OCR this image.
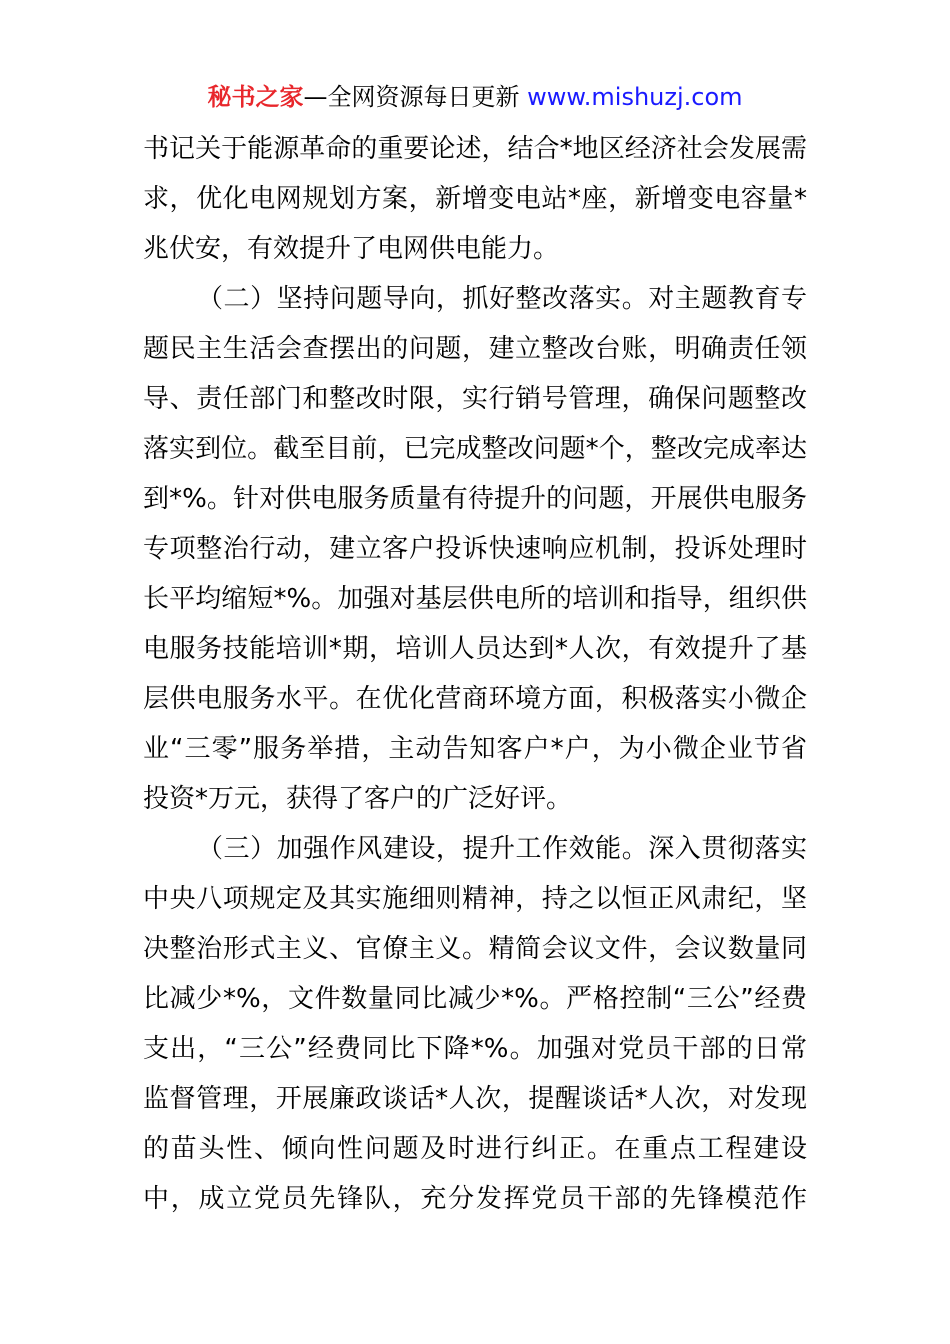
秘书之家—全网资源每日更新 www.mishuzj.com
书记关于能源革命的重要论述，结合*地区经济社会发展需
求，优化电网规划方案，新增变电站*座，新增变电容量*
兆伏安，有效提升了电网供电能力。
（二）坚持问题导向，抓好整改落实。对主题教育专
题民主生活会查摆出的问题，建立整改台账，明确责任领
导、责任部门和整改时限，实行销号管理，确保问题整改
落实到位。截至目前，已完成整改问题*个，整改完成率达
到*%。针对供电服务质量有待提升的问题，开展供电服务
专项整治行动，建立客户投诉快速响应机制，投诉处理时
长平均缩短*%。加强对基层供电所的培训和指导，组织供
电服务技能培训*期，培训人员达到*人次，有效提升了基
层供电服务水平。在优化营商环境方面，积极落实小微企
业“三零”服务举措，主动告知客户*户，为小微企业节省
投资*万元，获得了客户的广泛好评。
（三）加强作风建设，提升工作效能。深入贯彻落实
中央八项规定及其实施细则精神，持之以恒正风肃纪，坚
决整治形式主义、官僚主义。精简会议文件，会议数量同
比减少*%，文件数量同比减少*%。严格控制“三公”经费
支出，“三公”经费同比下降*%。加强对党员干部的日常
监督管理，开展廉政谈话*人次，提醒谈话*人次，对发现
的苗头性、倾向性问题及时进行纠正。在重点工程建设
中，成立党员先锋队，充分发挥党员干部的先锋模范作
